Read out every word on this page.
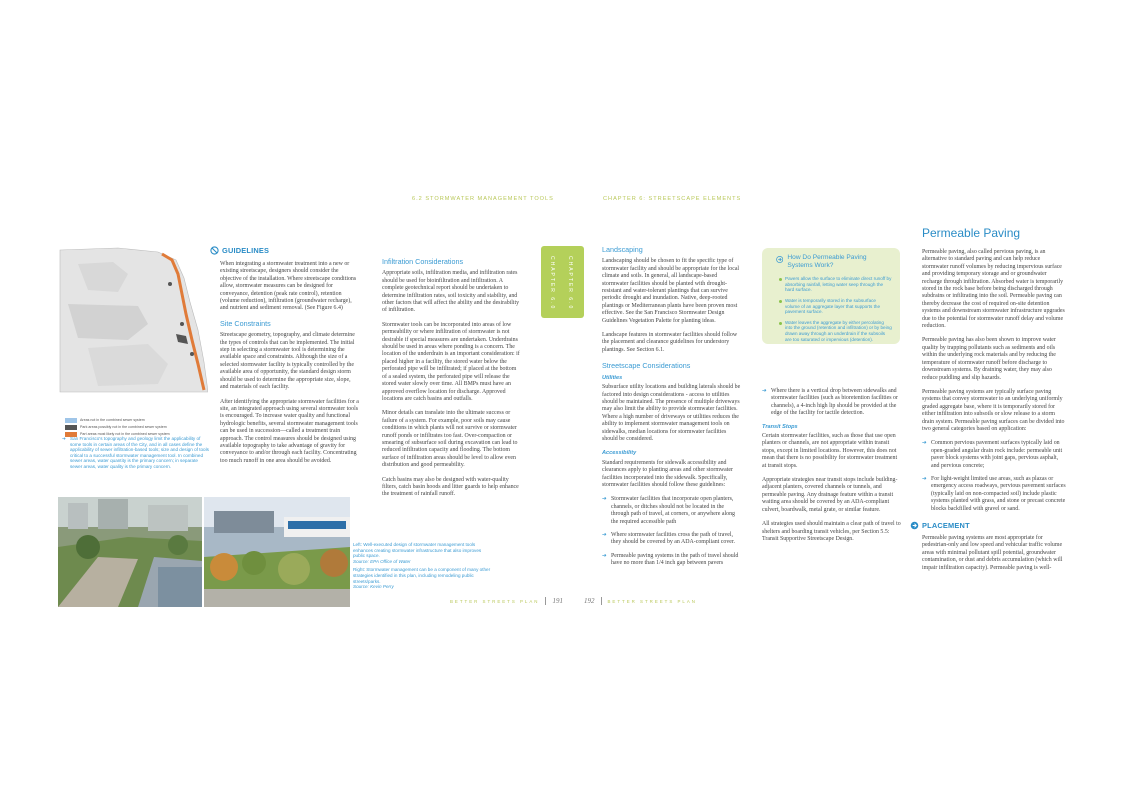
6.2 STORMWATER MANAGEMENT TOOLS	CHAPTER 6: STREETSCAPE ELEMENTS
Areas not in the combined sewer system
Park areas possibly not in the combined sewer system
Part areas most likely not in the combined sewer system
➔ San Francisco's topography and geology limit the applicability of some tools in certain areas of the City, and in all cases define the applicability of sewer infiltration-based tools; size and design of tools critical to a successful stormwater management tool. In combined sewer areas, water quantity is the primary concern; in separate sewer areas, water quality is the primary concern.
GUIDELINES

When integrating a stormwater treatment into a new or existing streetscape, designers should consider the objective of the installation. Where streetscape conditions allow, stormwater measures can be designed for conveyance, detention (peak rate control), retention (volume reduction), infiltration (groundwater recharge), and nutrient and sediment removal. (See Figure 6.4)

Site Constraints

Streetscape geometry, topography, and climate determine the types of controls that can be implemented. The initial step in selecting a stormwater tool is determining the available space and constraints. Although the size of a selected stormwater facility is typically controlled by the available area of opportunity, the standard design storm should be used to determine the appropriate size, slope, and materials of each facility.

After identifying the appropriate stormwater facilities for a site, an integrated approach using several stormwater tools is encouraged. To increase water quality and functional hydrologic benefits, several stormwater management tools can be used in succession—called a treatment train approach. The control measures should be designed using available topography to take advantage of gravity for conveyance to and/or through each facility. Concentrating too much runoff in one area should be avoided.

Infiltration Considerations

Appropriate soils, infiltration media, and infiltration rates should be used for bioinfiltration and infiltration. A complete geotechnical report should be undertaken to determine infiltration rates, soil toxicity and stability, and other factors that will affect the ability and the desirability of infiltration.

Stormwater tools can be incorporated into areas of low permeability or where infiltration of stormwater is not desirable if special measures are undertaken. Underdrains should be used in areas where ponding is a concern. The location of the underdrain is an important consideration: if placed higher in a facility, the stored water below the perforated pipe will be infiltrated; if placed at the bottom of a sealed system, the perforated pipe will release the stored water slowly over time. All BMPs must have an approved overflow location for discharge. Approved locations are catch basins and outfalls.

Minor details can translate into the ultimate success or failure of a system. For example, poor soils may cause conditions in which plants will not survive or stormwater runoff ponds or infiltrates too fast. Over-compaction or smearing of subsurface soil during excavation can lead to reduced infiltration capacity and flooding. The bottom surface of infiltration areas should be level to allow even distribution and good permeability.

Catch basins may also be designed with water-quality filters, catch basin hoods and litter guards to help enhance the treatment of rainfall runoff.

Left: Well-executed design of stormwater management tools enhances creating stormwater infrastructure that also improves public space.
Source: EPA Office of Water
Right: Stormwater management can be a component of many other strategies identified in this plan, including remodeling public streets/parks.
Source: Kevin Perry
BETTER STREETS PLAN 191	192	BETTER STREETS PLAN
CHAPTER 6.0 CHAPTER 6.0
Landscaping

Landscaping should be chosen to fit the specific type of stormwater facility and should be appropriate for the local climate and soils. In general, all landscape-based stormwater facilities should be planted with drought-resistant and water-tolerant plantings that can survive periodic drought and inundation. Native, deep-rooted plantings or Mediterranean plants have been proven most effective. See the San Francisco Stormwater Design Guidelines Vegetation Palette for planting ideas.

Landscape features in stormwater facilities should follow the placement and clearance guidelines for understory plantings. See Section 6.1.

Streetscape Considerations
Utilities

Subsurface utility locations and building laterals should be factored into design considerations - access to utilities should be maintained. The presence of multiple driveways may also limit the ability to provide stormwater facilities. Where a high number of driveways or utilities reduces the ability to implement stormwater management tools on sidewalks, median locations for stormwater facilities should be considered.

Accessibility

Standard requirements for sidewalk accessibility and clearances apply to planting areas and other stormwater facilities incorporated into the sidewalk. Specifically, stormwater facilities should follow these guidelines:

➔ Stormwater facilities that incorporate open planters, channels, or ditches should not be located in the through path of travel, at corners, or anywhere along the required accessible path
➔ Where stormwater facilities cross the path of travel, they should be covered by an ADA-compliant cover.
➔ Permeable paving systems in the path of travel should have no more than 1/4 inch gap between pavers
How Do Permeable Paving Systems Work?
Pavers allow the surface to eliminate direct runoff by absorbing rainfall, letting water seep through the hard surface.
Water is temporarily stored in the subsurface volume of an aggregate layer that supports the pavement surface.
Water leaves the aggregate by either percolating into the ground (retention and infiltration) or by being drawn away through an underdrain if the subsoils are too saturated or impervious (detention).
➔ Where there is a vertical drop between sidewalks and stormwater facilities (such as bioretention facilities or channels), a 4-inch high lip should be provided at the edge of the facility for tactile detection.
Transit Stops

Certain stormwater facilities, such as those that use open planters or channels, are not appropriate within transit stops, except in limited locations. However, this does not mean that there is no possibility for stormwater treatment at transit stops.

Appropriate strategies near transit stops include building-adjacent planters, covered channels or tunnels, and permeable paving. Any drainage feature within a transit waiting area should be covered by an ADA-compliant culvert, boardwalk, metal grate, or similar feature.

All strategies used should maintain a clear path of travel to shelters and boarding transit vehicles, per Section 5.5: Transit Supportive Streetscape Design.

Permeable Paving

Permeable paving, also called pervious paving, is an alternative to standard paving and can help reduce stormwater runoff volumes by reducing impervious surface and providing temporary storage and or groundwater recharge through infiltration. Absorbed water is temporarily stored in the rock base before being discharged through subdrains or infiltrating into the soil. Permeable paving can thereby decrease the cost of required on-site detention systems and downstream stormwater infrastructure upgrades due to the potential for stormwater runoff delay and volume reduction.

Permeable paving has also been shown to improve water quality by trapping pollutants such as sediments and oils within the underlying rock materials and by reducing the temperature of stormwater runoff before discharge to downstream systems. By draining water, they may also reduce puddling and slip hazards.

Permeable paving systems are typically surface paving systems that convey stormwater to an underlying uniformly graded aggregate base, where it is temporarily stored for either infiltration into subsoils or slow release to a storm drain system. Permeable paving surfaces can be divided into two general categories based on application:

➔ Common pervious pavement surfaces typically laid on open-graded angular drain rock include: permeable unit paver block systems with joint gaps, pervious asphalt, and pervious concrete;
➔ For light-weight limited use areas, such as plazas or emergency access roadways, pervious pavement surfaces (typically laid on non-compacted soil) include plastic systems planted with grass, and stone or precast concrete blocks backfilled with gravel or sand.
PLACEMENT

Permeable paving systems are most appropriate for pedestrian-only and low speed and vehicular traffic volume areas with minimal pollutant spill potential, groundwater contamination, or dust and debris accumulation (which will impair infiltration capacity). Permeable paving is well-
